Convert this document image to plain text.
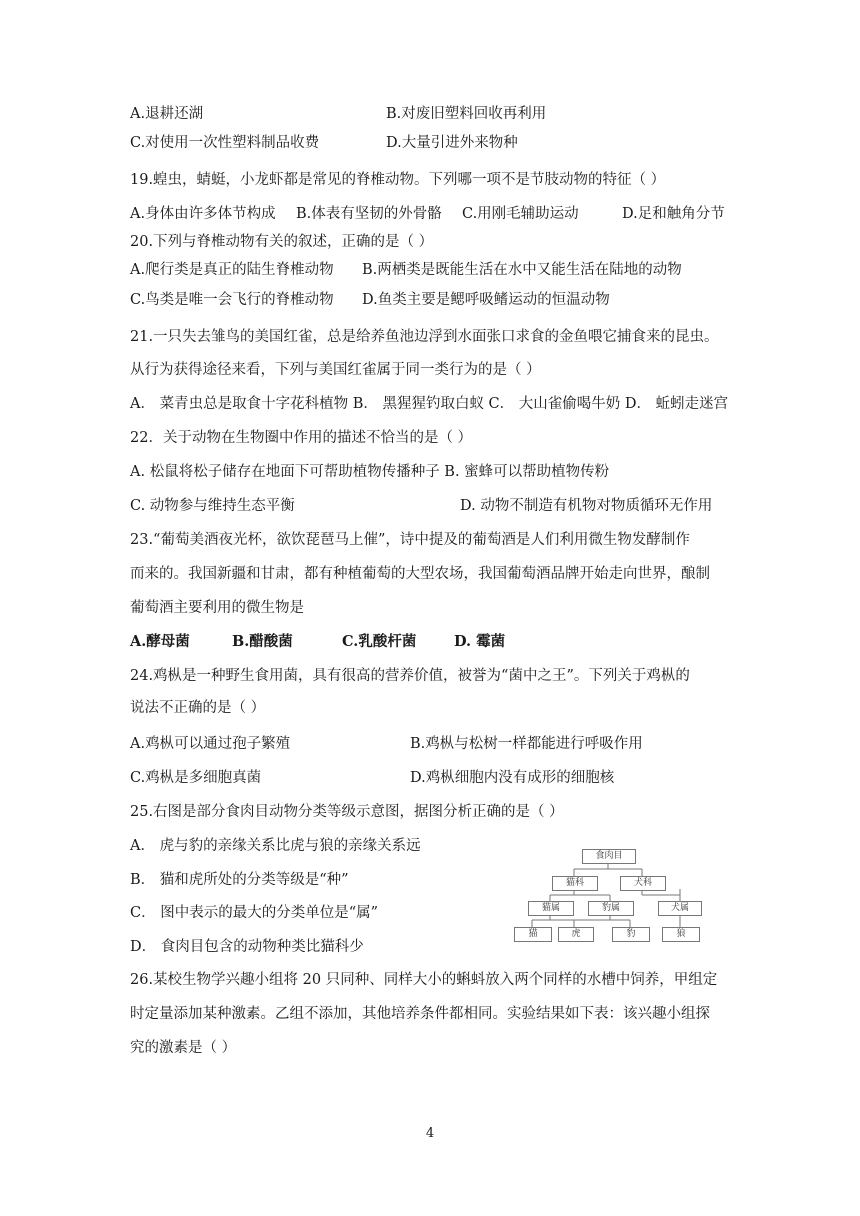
A.退耕还湖	B.对废旧塑料回收再利用
C.对使用一次性塑料制品收费	D.大量引进外来物种
19.蝗虫，蜻蜓，小龙虾都是常见的脊椎动物。下列哪一项不是节肢动物的特征（ ）
A.身体由许多体节构成 B.体表有坚韧的外骨骼 C.用刚毛辅助运动	D.足和触角分节
20.下列与脊椎动物有关的叙述，正确的是（ ）
A.爬行类是真正的陆生脊椎动物 B.两栖类是既能生活在水中又能生活在陆地的动物
C.鸟类是唯一会飞行的脊椎动物 D.鱼类主要是鳃呼吸鳍运动的恒温动物
21.一只失去雏鸟的美国红雀，总是给养鱼池边浮到水面张口求食的金鱼喂它捕食来的昆虫。
从行为获得途径来看，下列与美国红雀属于同一类行为的是（ ）
A． 菜青虫总是取食十字花科植物 B． 黑猩猩钓取白蚁 C． 大山雀偷喝牛奶 D． 蚯蚓走迷宫
22．关于动物在生物圈中作用的描述不恰当的是（ ）
A. 松鼠将松子储存在地面下可帮助植物传播种子 B. 蜜蜂可以帮助植物传粉
C. 动物参与维持生态平衡	D. 动物不制造有机物对物质循环无作用
23.“葡萄美酒夜光杯，欲饮琵琶马上催”，诗中提及的葡萄酒是人们利用微生物发酵制作
而来的。我国新疆和甘肃，都有种植葡萄的大型农场，我国葡萄酒品牌开始走向世界，酿制
葡萄酒主要利用的微生物是
A.酵母菌	B.醋酸菌	C.乳酸杆菌	D. 霉菌
24.鸡枞是一种野生食用菌，具有很高的营养价值，被誉为“菌中之王”。下列关于鸡枞的
说法不正确的是（ ）
A.鸡枞可以通过孢子繁殖	B.鸡枞与松树一样都能进行呼吸作用
C.鸡枞是多细胞真菌	D.鸡枞细胞内没有成形的细胞核
25.右图是部分食肉目动物分类等级示意图，据图分析正确的是（ ）
A． 虎与豹的亲缘关系比虎与狼的亲缘关系远
B． 猫和虎所处的分类等级是“种”
C． 图中表示的最大的分类单位是“属”
D． 食肉目包含的动物种类比猫科少
食肉目
猫科	犬科
猫属	豹属	犬属
猫	虎	豹	狼
26.某校生物学兴趣小组将 20 只同种、同样大小的蝌蚪放入两个同样的水槽中饲养，甲组定
时定量添加某种激素。乙组不添加，其他培养条件都相同。实验结果如下表：该兴趣小组探
究的激素是（ ）
4
